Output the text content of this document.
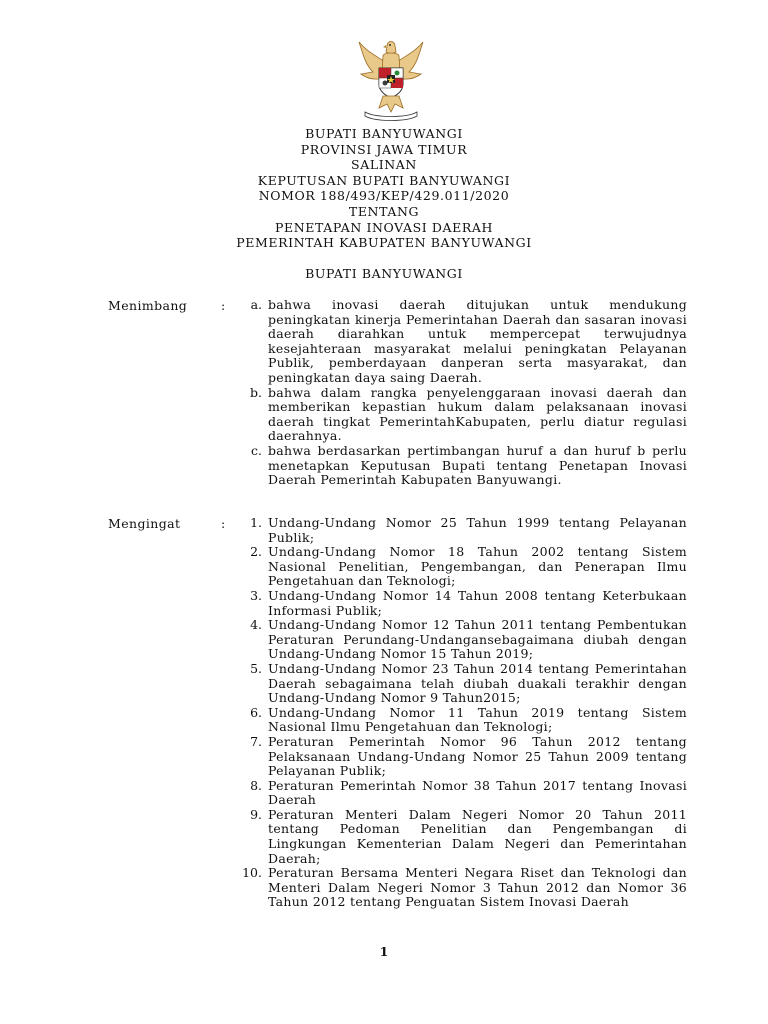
BUPATI BANYUWANGI
PROVINSI JAWA TIMUR
SALINAN
KEPUTUSAN BUPATI BANYUWANGI
NOMOR 188/493/KEP/429.011/2020
TENTANG
PENETAPAN INOVASI DAERAH
PEMERINTAH KABUPATEN BANYUWANGI
BUPATI BANYUWANGI
Menimbang	:	a. bahwa inovasi daerah ditujukan untuk mendukung peningkatan kinerja Pemerintahan Daerah dan sasaran inovasi daerah diarahkan untuk mempercepat terwujudnya kesejahteraan masyarakat melalui peningkatan Pelayanan Publik, pemberdayaan danperan serta masyarakat, dan peningkatan daya saing Daerah.
b. bahwa dalam rangka penyelenggaraan inovasi daerah dan memberikan kepastian hukum dalam pelaksanaan inovasi daerah tingkat PemerintahKabupaten, perlu diatur regulasi daerahnya.
c. bahwa berdasarkan pertimbangan huruf a dan huruf b perlu menetapkan Keputusan Bupati tentang Penetapan Inovasi Daerah Pemerintah Kabupaten Banyuwangi.
Mengingat	:	1. Undang-Undang Nomor 25 Tahun 1999 tentang Pelayanan Publik;
2. Undang-Undang Nomor 18 Tahun 2002 tentang Sistem Nasional Penelitian, Pengembangan, dan Penerapan Ilmu Pengetahuan dan Teknologi;
3. Undang-Undang Nomor 14 Tahun 2008 tentang Keterbukaan Informasi Publik;
4. Undang-Undang Nomor 12 Tahun 2011 tentang Pembentukan Peraturan Perundang-Undangansebagaimana diubah dengan Undang-Undang Nomor 15 Tahun 2019;
5. Undang-Undang Nomor 23 Tahun 2014 tentang Pemerintahan Daerah sebagaimana telah diubah duakali terakhir dengan Undang-Undang Nomor 9 Tahun2015;
6. Undang-Undang Nomor 11 Tahun 2019 tentang Sistem Nasional Ilmu Pengetahuan dan Teknologi;
7. Peraturan Pemerintah Nomor 96 Tahun 2012 tentang Pelaksanaan Undang-Undang Nomor 25 Tahun 2009 tentang Pelayanan Publik;
8. Peraturan Pemerintah Nomor 38 Tahun 2017 tentang Inovasi Daerah
9. Peraturan Menteri Dalam Negeri Nomor 20 Tahun 2011 tentang Pedoman Penelitian dan Pengembangan di Lingkungan Kementerian Dalam Negeri dan Pemerintahan Daerah;
10. Peraturan Bersama Menteri Negara Riset dan Teknologi dan Menteri Dalam Negeri Nomor 3 Tahun 2012 dan Nomor 36 Tahun 2012 tentang Penguatan Sistem Inovasi Daerah
1
